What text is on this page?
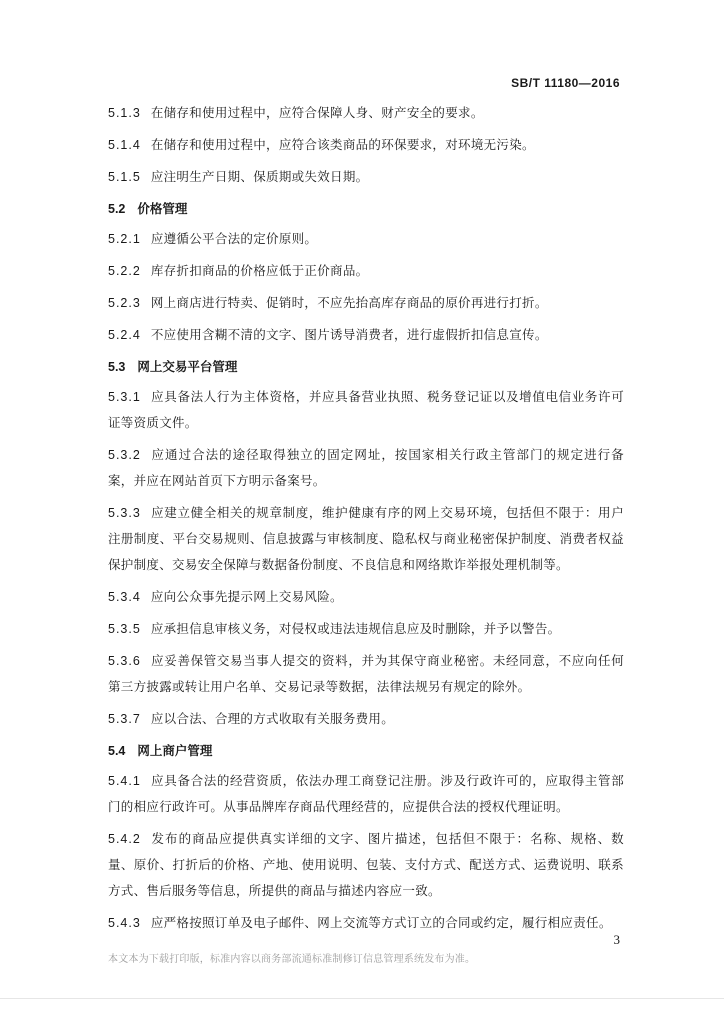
SB/T 11180—2016
5.1.3 在储存和使用过程中，应符合保障人身、财产安全的要求。
5.1.4 在储存和使用过程中，应符合该类商品的环保要求，对环境无污染。
5.1.5 应注明生产日期、保质期或失效日期。
5.2 价格管理
5.2.1 应遵循公平合法的定价原则。
5.2.2 库存折扣商品的价格应低于正价商品。
5.2.3 网上商店进行特卖、促销时，不应先抬高库存商品的原价再进行打折。
5.2.4 不应使用含糊不清的文字、图片诱导消费者，进行虚假折扣信息宣传。
5.3 网上交易平台管理
5.3.1 应具备法人行为主体资格，并应具备营业执照、税务登记证以及增值电信业务许可证等资质文件。
5.3.2 应通过合法的途径取得独立的固定网址，按国家相关行政主管部门的规定进行备案，并应在网站首页下方明示备案号。
5.3.3 应建立健全相关的规章制度，维护健康有序的网上交易环境，包括但不限于：用户注册制度、平台交易规则、信息披露与审核制度、隐私权与商业秘密保护制度、消费者权益保护制度、交易安全保障与数据备份制度、不良信息和网络欺诈举报处理机制等。
5.3.4 应向公众事先提示网上交易风险。
5.3.5 应承担信息审核义务，对侵权或违法违规信息应及时删除，并予以警告。
5.3.6 应妥善保管交易当事人提交的资料，并为其保守商业秘密。未经同意，不应向任何第三方披露或转让用户名单、交易记录等数据，法律法规另有规定的除外。
5.3.7 应以合法、合理的方式收取有关服务费用。
5.4 网上商户管理
5.4.1 应具备合法的经营资质，依法办理工商登记注册。涉及行政许可的，应取得主管部门的相应行政许可。从事品牌库存商品代理经营的，应提供合法的授权代理证明。
5.4.2 发布的商品应提供真实详细的文字、图片描述，包括但不限于：名称、规格、数量、原价、打折后的价格、产地、使用说明、包装、支付方式、配送方式、运费说明、联系方式、售后服务等信息，所提供的商品与描述内容应一致。
5.4.3 应严格按照订单及电子邮件、网上交流等方式订立的合同或约定，履行相应责任。
3
本文本为下载打印版，标准内容以商务部流通标准制修订信息管理系统发布为准。
